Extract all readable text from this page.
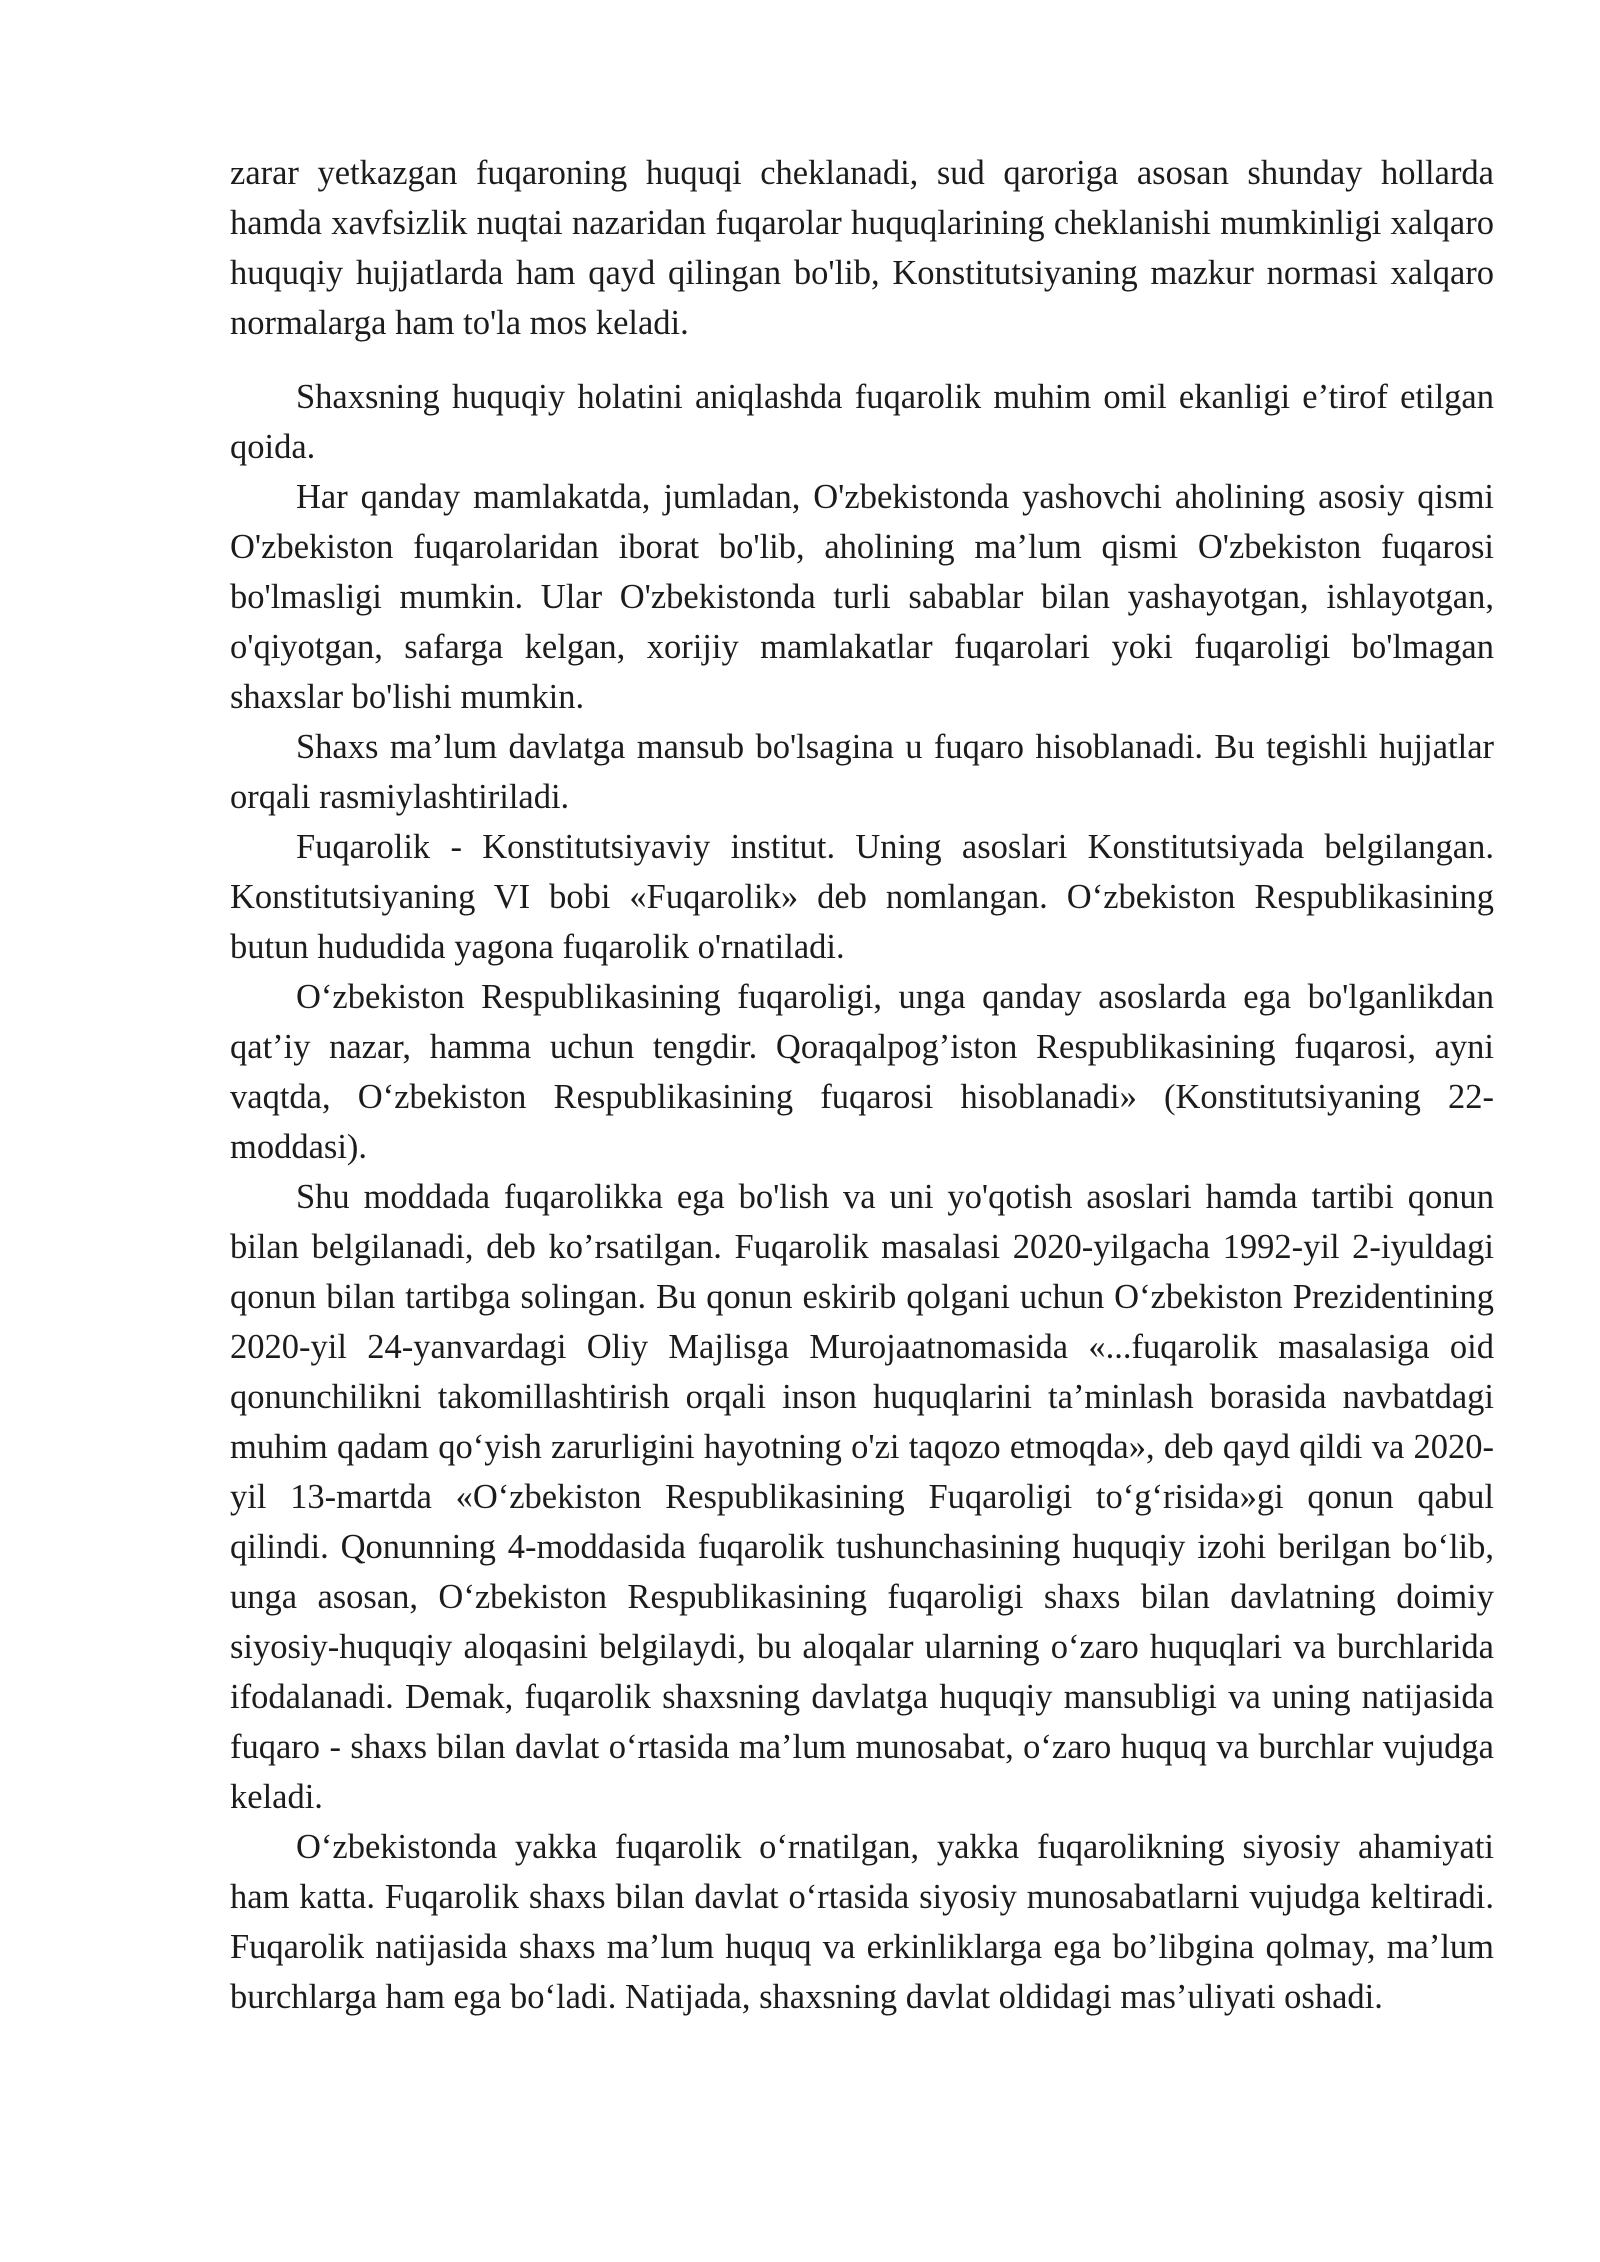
zarar yetkazgan fuqaroning huquqi cheklanadi, sud qaroriga asosan shunday hollarda hamda xavfsizlik nuqtai nazaridan fuqarolar huquqlarining cheklanishi mumkinligi xalqaro huquqiy hujjatlarda ham qayd qilingan bo'lib, Konstitutsiyaning mazkur normasi xalqaro normalarga ham to'la mos keladi.

Shaxsning huquqiy holatini aniqlashda fuqarolik muhim omil ekanligi e’tirof etilgan qoida.

Har qanday mamlakatda, jumladan, O'zbekistonda yashovchi aholining asosiy qismi O'zbekiston fuqarolaridan iborat bo'lib, aholining ma’lum qismi O'zbekiston fuqarosi bo'lmasligi mumkin. Ular O'zbekistonda turli sabablar bilan yashayotgan, ishlayotgan, o'qiyotgan, safarga kelgan, xorijiy mamlakatlar fuqarolari yoki fuqaroligi bo'lmagan shaxslar bo'lishi mumkin.

Shaxs ma’lum davlatga mansub bo'lsagina u fuqaro hisoblanadi. Bu tegishli hujjatlar orqali rasmiylashtiriladi.

Fuqarolik - Konstitutsiyaviy institut. Uning asoslari Konstitutsiyada belgilangan. Konstitutsiyaning VI bobi «Fuqarolik» deb nomlangan. O‘zbekiston Respublikasining butun hududida yagona fuqarolik o'rnatiladi.

O‘zbekiston Respublikasining fuqaroligi, unga qanday asoslarda ega bo'lganlikdan qat’iy nazar, hamma uchun tengdir. Qoraqalpog’iston Respublikasining fuqarosi, ayni vaqtda, O‘zbekiston Respublikasining fuqarosi hisoblanadi» (Konstitutsiyaning 22-moddasi).

Shu moddada fuqarolikka ega bo'lish va uni yo'qotish asoslari hamda tartibi qonun bilan belgilanadi, deb ko’rsatilgan. Fuqarolik masalasi 2020-yilgacha 1992-yil 2-iyuldagi qonun bilan tartibga solingan. Bu qonun eskirib qolgani uchun O‘zbekiston Prezidentining 2020-yil 24-yanvardagi Oliy Majlisga Murojaatnomasida «...fuqarolik masalasiga oid qonunchilikni takomillashtirish orqali inson huquqlarini ta’minlash borasida navbatdagi muhim qadam qo‘yish zarurligini hayotning o'zi taqozo etmoqda», deb qayd qildi va 2020-yil 13-martda «O‘zbekiston Respublikasining Fuqaroligi to‘g‘risida»gi qonun qabul qilindi. Qonunning 4-moddasida fuqarolik tushunchasining huquqiy izohi berilgan bo‘lib, unga asosan, O‘zbekiston Respublikasining fuqaroligi shaxs bilan davlatning doimiy siyosiy-huquqiy aloqasini belgilaydi, bu aloqalar ularning o‘zaro huquqlari va burchlarida ifodalanadi. Demak, fuqarolik shaxsning davlatga huquqiy mansubligi va uning natijasida fuqaro - shaxs bilan davlat o‘rtasida ma’lum munosabat, o‘zaro huquq va burchlar vujudga keladi.

O‘zbekistonda yakka fuqarolik o‘rnatilgan, yakka fuqarolikning siyosiy ahamiyati ham katta. Fuqarolik shaxs bilan davlat o‘rtasida siyosiy munosabatlarni vujudga keltiradi. Fuqarolik natijasida shaxs ma’lum huquq va erkinliklarga ega bo’libgina qolmay, ma’lum burchlarga ham ega bo‘ladi. Natijada, shaxsning davlat oldidagi mas’uliyati oshadi.
